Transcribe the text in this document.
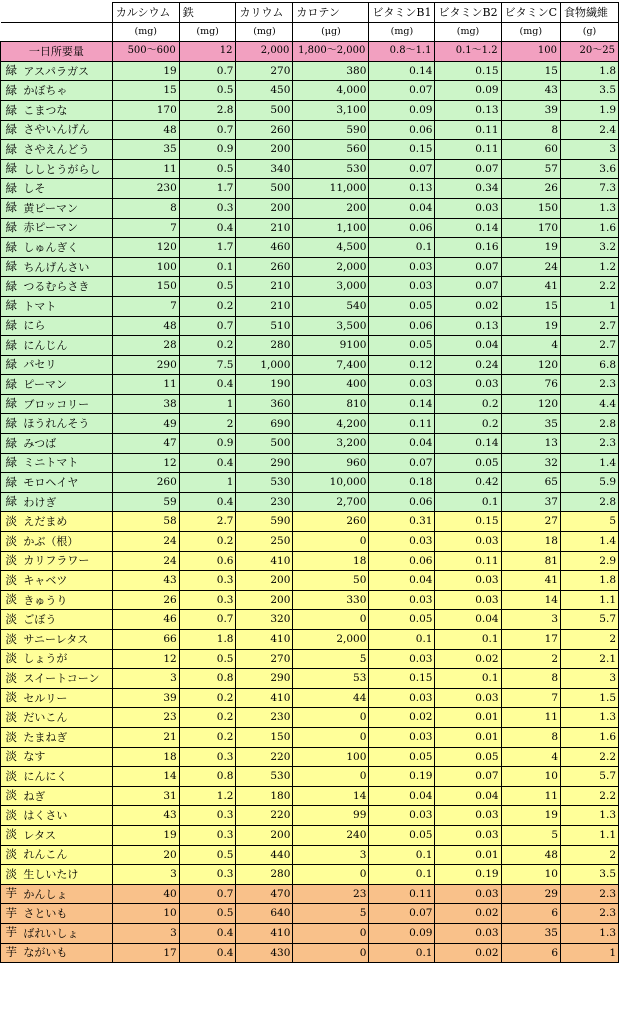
		カルシウム	鉄	カリウム	カロテン	ビタミンB1	ビタミンB2	ビタミンC	食物繊維
		(mg)	(mg)	(mg)	(μg)	(mg)	(mg)	(mg)	(g)
一日所要量		500〜600	12	2,000	1,800〜2,000	0.8〜1.1	0.1〜1.2	100	20〜25
緑	アスパラガス	19	0.7	270	380	0.14	0.15	15	1.8
緑	かぼちゃ	15	0.5	450	4,000	0.07	0.09	43	3.5
緑	こまつな	170	2.8	500	3,100	0.09	0.13	39	1.9
緑	さやいんげん	48	0.7	260	590	0.06	0.11	8	2.4
緑	さやえんどう	35	0.9	200	560	0.15	0.11	60	3
緑	ししとうがらし	11	0.5	340	530	0.07	0.07	57	3.6
緑	しそ	230	1.7	500	11,000	0.13	0.34	26	7.3
緑	黄ピーマン	8	0.3	200	200	0.04	0.03	150	1.3
緑	赤ピーマン	7	0.4	210	1,100	0.06	0.14	170	1.6
緑	しゅんぎく	120	1.7	460	4,500	0.1	0.16	19	3.2
緑	ちんげんさい	100	0.1	260	2,000	0.03	0.07	24	1.2
緑	つるむらさき	150	0.5	210	3,000	0.03	0.07	41	2.2
緑	トマト	7	0.2	210	540	0.05	0.02	15	1
緑	にら	48	0.7	510	3,500	0.06	0.13	19	2.7
緑	にんじん	28	0.2	280	9100	0.05	0.04	4	2.7
緑	パセリ	290	7.5	1,000	7,400	0.12	0.24	120	6.8
緑	ピーマン	11	0.4	190	400	0.03	0.03	76	2.3
緑	ブロッコリー	38	1	360	810	0.14	0.2	120	4.4
緑	ほうれんそう	49	2	690	4,200	0.11	0.2	35	2.8
緑	みつば	47	0.9	500	3,200	0.04	0.14	13	2.3
緑	ミニトマト	12	0.4	290	960	0.07	0.05	32	1.4
緑	モロヘイヤ	260	1	530	10,000	0.18	0.42	65	5.9
緑	わけぎ	59	0.4	230	2,700	0.06	0.1	37	2.8
淡	えだまめ	58	2.7	590	260	0.31	0.15	27	5
淡	かぶ（根）	24	0.2	250	0	0.03	0.03	18	1.4
淡	カリフラワー	24	0.6	410	18	0.06	0.11	81	2.9
淡	キャベツ	43	0.3	200	50	0.04	0.03	41	1.8
淡	きゅうり	26	0.3	200	330	0.03	0.03	14	1.1
淡	ごぼう	46	0.7	320	0	0.05	0.04	3	5.7
淡	サニーレタス	66	1.8	410	2,000	0.1	0.1	17	2
淡	しょうが	12	0.5	270	5	0.03	0.02	2	2.1
淡	スイートコーン	3	0.8	290	53	0.15	0.1	8	3
淡	セルリー	39	0.2	410	44	0.03	0.03	7	1.5
淡	だいこん	23	0.2	230	0	0.02	0.01	11	1.3
淡	たまねぎ	21	0.2	150	0	0.03	0.01	8	1.6
淡	なす	18	0.3	220	100	0.05	0.05	4	2.2
淡	にんにく	14	0.8	530	0	0.19	0.07	10	5.7
淡	ねぎ	31	1.2	180	14	0.04	0.04	11	2.2
淡	はくさい	43	0.3	220	99	0.03	0.03	19	1.3
淡	レタス	19	0.3	200	240	0.05	0.03	5	1.1
淡	れんこん	20	0.5	440	3	0.1	0.01	48	2
淡	生しいたけ	3	0.3	280	0	0.1	0.19	10	3.5
芋	かんしょ	40	0.7	470	23	0.11	0.03	29	2.3
芋	さといも	10	0.5	640	5	0.07	0.02	6	2.3
芋	ばれいしょ	3	0.4	410	0	0.09	0.03	35	1.3
芋	ながいも	17	0.4	430	0	0.1	0.02	6	1
